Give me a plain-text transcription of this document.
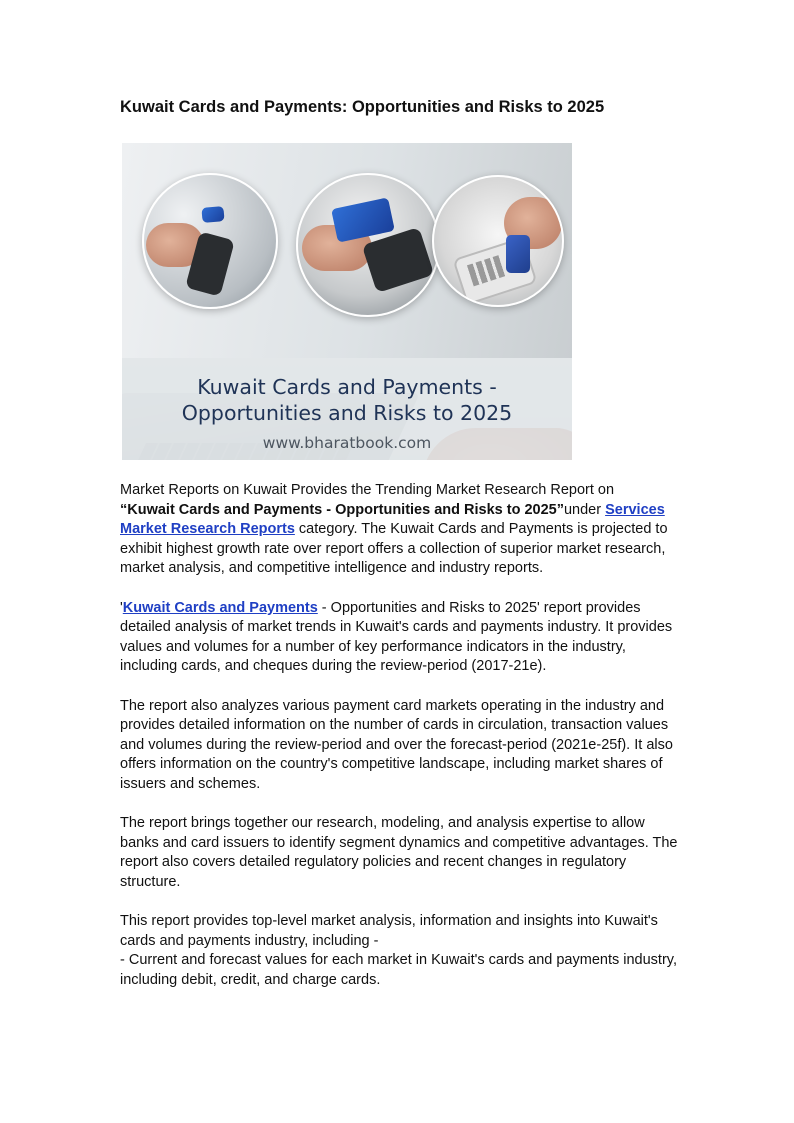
Kuwait Cards and Payments: Opportunities and Risks to 2025
Kuwait Cards and Payments -
Opportunities and Risks to 2025
www.bharatbook.com

Market Reports on Kuwait Provides the Trending Market Research Report on
“Kuwait Cards and Payments - Opportunities and Risks to 2025”under Services Market Research Reports category. The Kuwait Cards and Payments is projected to exhibit highest growth rate over report offers a collection of superior market research, market analysis, and competitive intelligence and industry reports.

'Kuwait Cards and Payments - Opportunities and Risks to 2025' report provides detailed analysis of market trends in Kuwait's cards and payments industry. It provides values and volumes for a number of key performance indicators in the industry, including cards, and cheques during the review-period (2017-21e).

The report also analyzes various payment card markets operating in the industry and provides detailed information on the number of cards in circulation, transaction values and volumes during the review-period and over the forecast-period (2021e-25f). It also offers information on the country's competitive landscape, including market shares of issuers and schemes.

The report brings together our research, modeling, and analysis expertise to allow banks and card issuers to identify segment dynamics and competitive advantages. The report also covers detailed regulatory policies and recent changes in regulatory structure.

This report provides top-level market analysis, information and insights into Kuwait's cards and payments industry, including -
- Current and forecast values for each market in Kuwait's cards and payments industry, including debit, credit, and charge cards.
